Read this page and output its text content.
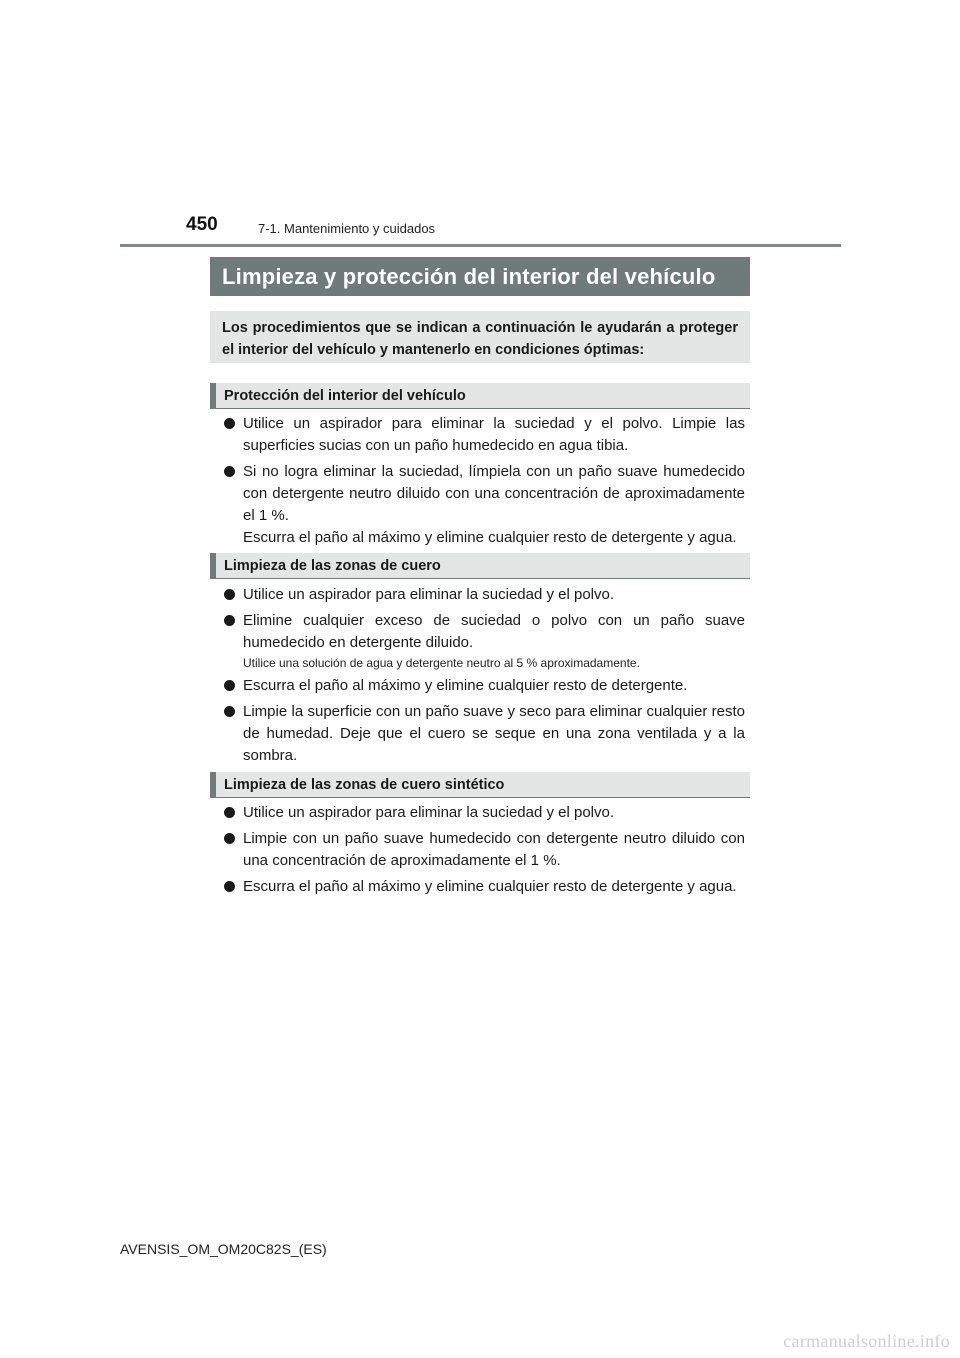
450	7-1. Mantenimiento y cuidados
Limpieza y protección del interior del vehículo
Los procedimientos que se indican a continuación le ayudarán a proteger el interior del vehículo y mantenerlo en condiciones óptimas:
Protección del interior del vehículo
Utilice un aspirador para eliminar la suciedad y el polvo. Limpie las superficies sucias con un paño humedecido en agua tibia.
Si no logra eliminar la suciedad, límpiela con un paño suave humedecido con detergente neutro diluido con una concentración de aproximadamente el 1 %.
Escurra el paño al máximo y elimine cualquier resto de detergente y agua.
Limpieza de las zonas de cuero
Utilice un aspirador para eliminar la suciedad y el polvo.
Elimine cualquier exceso de suciedad o polvo con un paño suave humedecido en detergente diluido.
Utilice una solución de agua y detergente neutro al 5 % aproximadamente.
Escurra el paño al máximo y elimine cualquier resto de detergente.
Limpie la superficie con un paño suave y seco para eliminar cualquier resto de humedad. Deje que el cuero se seque en una zona ventilada y a la sombra.
Limpieza de las zonas de cuero sintético
Utilice un aspirador para eliminar la suciedad y el polvo.
Limpie con un paño suave humedecido con detergente neutro diluido con una concentración de aproximadamente el 1 %.
Escurra el paño al máximo y elimine cualquier resto de detergente y agua.
AVENSIS_OM_OM20C82S_(ES)
carmanualsonline.info
